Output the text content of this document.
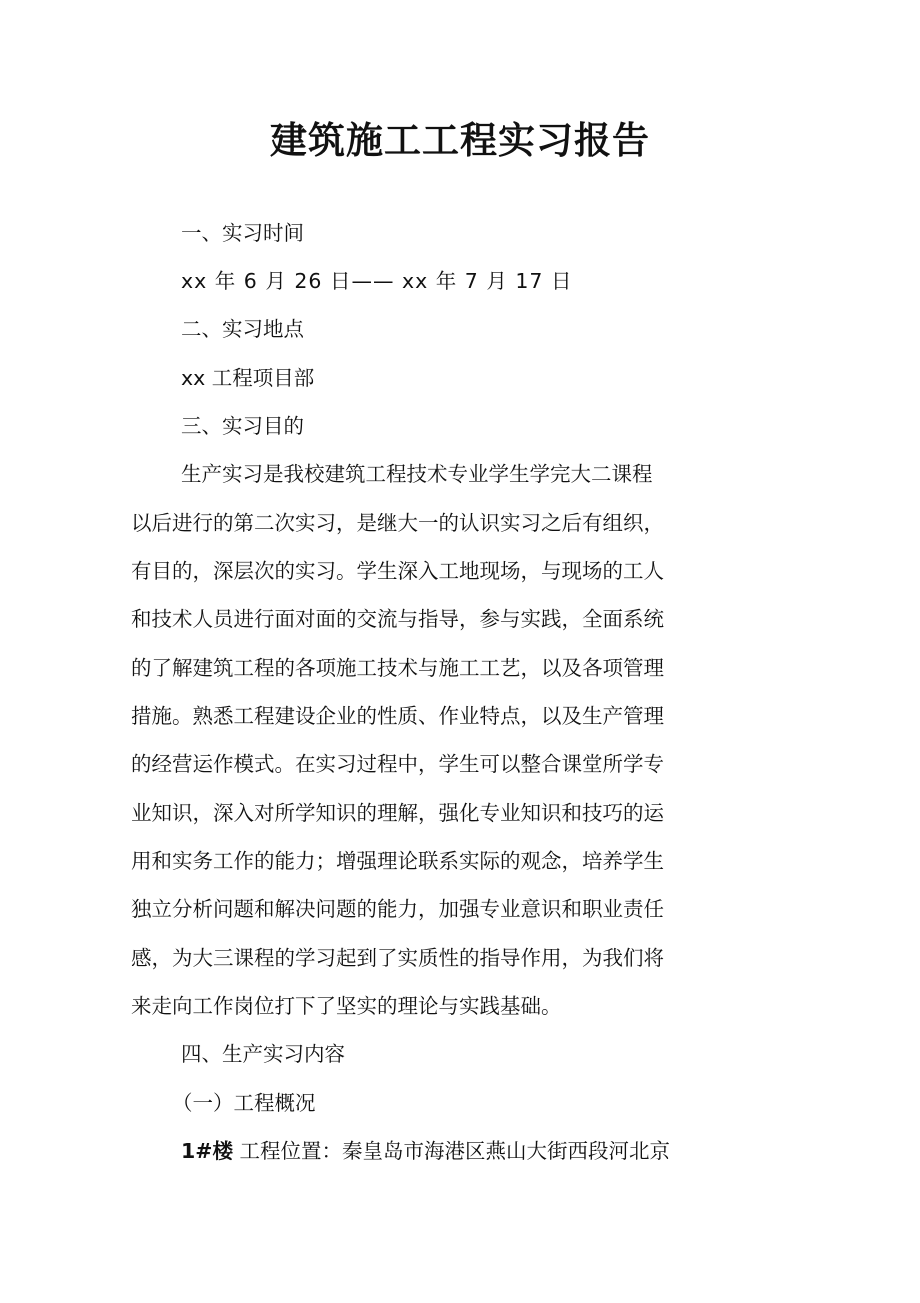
建筑施工工程实习报告

一、实习时间

xx 年 6 月 26 日—— xx 年 7 月 17 日

二、实习地点

xx 工程项目部

三、实习目的

生产实习是我校建筑工程技术专业学生学完大二课程

以后进行的第二次实习，是继大一的认识实习之后有组织，

有目的，深层次的实习。学生深入工地现场，与现场的工人

和技术人员进行面对面的交流与指导，参与实践，全面系统

的了解建筑工程的各项施工技术与施工工艺，以及各项管理

措施。熟悉工程建设企业的性质、作业特点，以及生产管理

的经营运作模式。在实习过程中，学生可以整合课堂所学专

业知识，深入对所学知识的理解，强化专业知识和技巧的运

用和实务工作的能力；增强理论联系实际的观念，培养学生

独立分析问题和解决问题的能力，加强专业意识和职业责任

感，为大三课程的学习起到了实质性的指导作用，为我们将

来走向工作岗位打下了坚实的理论与实践基础。

四、生产实习内容

（一）工程概况

1#楼 工程位置：秦皇岛市海港区燕山大街西段河北京
